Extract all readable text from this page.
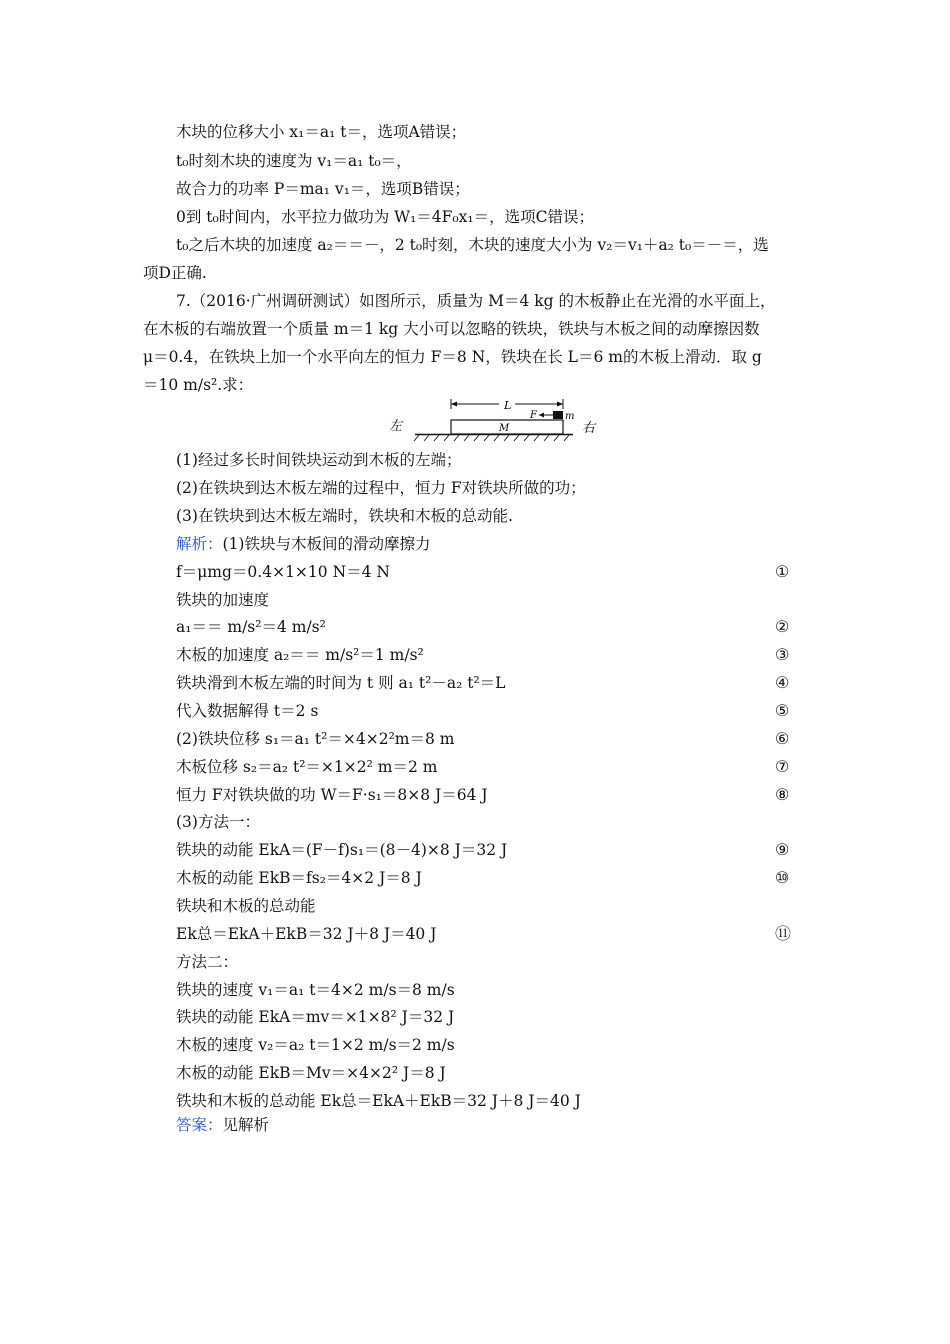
木块的位移大小 x₁＝a₁ t＝，选项A错误；
t₀时刻木块的速度为 v₁＝a₁ t₀＝，
故合力的功率 P＝ma₁ v₁＝，选项B错误；
0到 t₀时间内，水平拉力做功为 W₁＝4F₀x₁＝，选项C错误；
t₀之后木块的加速度 a₂＝＝－，2 t₀时刻，木块的速度大小为 v₂＝v₁＋a₂ t₀＝－＝，选
项D正确.
7.（2016·广州调研测试）如图所示，质量为 M＝4 kg 的木板静止在光滑的水平面上，
在木板的右端放置一个质量 m＝1 kg 大小可以忽略的铁块，铁块与木板之间的动摩擦因数
μ＝0.4，在铁块上加一个水平向左的恒力 F＝8 N，铁块在长 L＝6 m的木板上滑动．取 g
＝10 m/s².求：
左	右
L
M
m
F
(1)经过多长时间铁块运动到木板的左端；
(2)在铁块到达木板左端的过程中，恒力 F对铁块所做的功；
(3)在铁块到达木板左端时，铁块和木板的总动能.
解析：(1)铁块与木板间的滑动摩擦力
f＝μmg＝0.4×1×10 N＝4 N	①
铁块的加速度
a₁＝＝ m/s²＝4 m/s²	②
木板的加速度 a₂＝＝ m/s²＝1 m/s²	③
铁块滑到木板左端的时间为 t 则 a₁ t²－a₂ t²＝L	④
代入数据解得 t＝2 s	⑤
(2)铁块位移 s₁＝a₁ t²＝×4×2²m＝8 m	⑥
木板位移 s₂＝a₂ t²＝×1×2² m＝2 m	⑦
恒力 F对铁块做的功 W＝F·s₁＝8×8 J＝64 J	⑧
(3)方法一：
铁块的动能 EkA＝(F－f)s₁＝(8－4)×8 J＝32 J	⑨
木板的动能 EkB＝fs₂＝4×2 J＝8 J	⑩
铁块和木板的总动能
Ek总＝EkA＋EkB＝32 J＋8 J＝40 J	⑪
方法二：
铁块的速度 v₁＝a₁ t＝4×2 m/s＝8 m/s
铁块的动能 EkA＝mv＝×1×8² J＝32 J
木板的速度 v₂＝a₂ t＝1×2 m/s＝2 m/s
木板的动能 EkB＝Mv＝×4×2² J＝8 J
铁块和木板的总动能 Ek总＝EkA＋EkB＝32 J＋8 J＝40 J
答案：见解析
